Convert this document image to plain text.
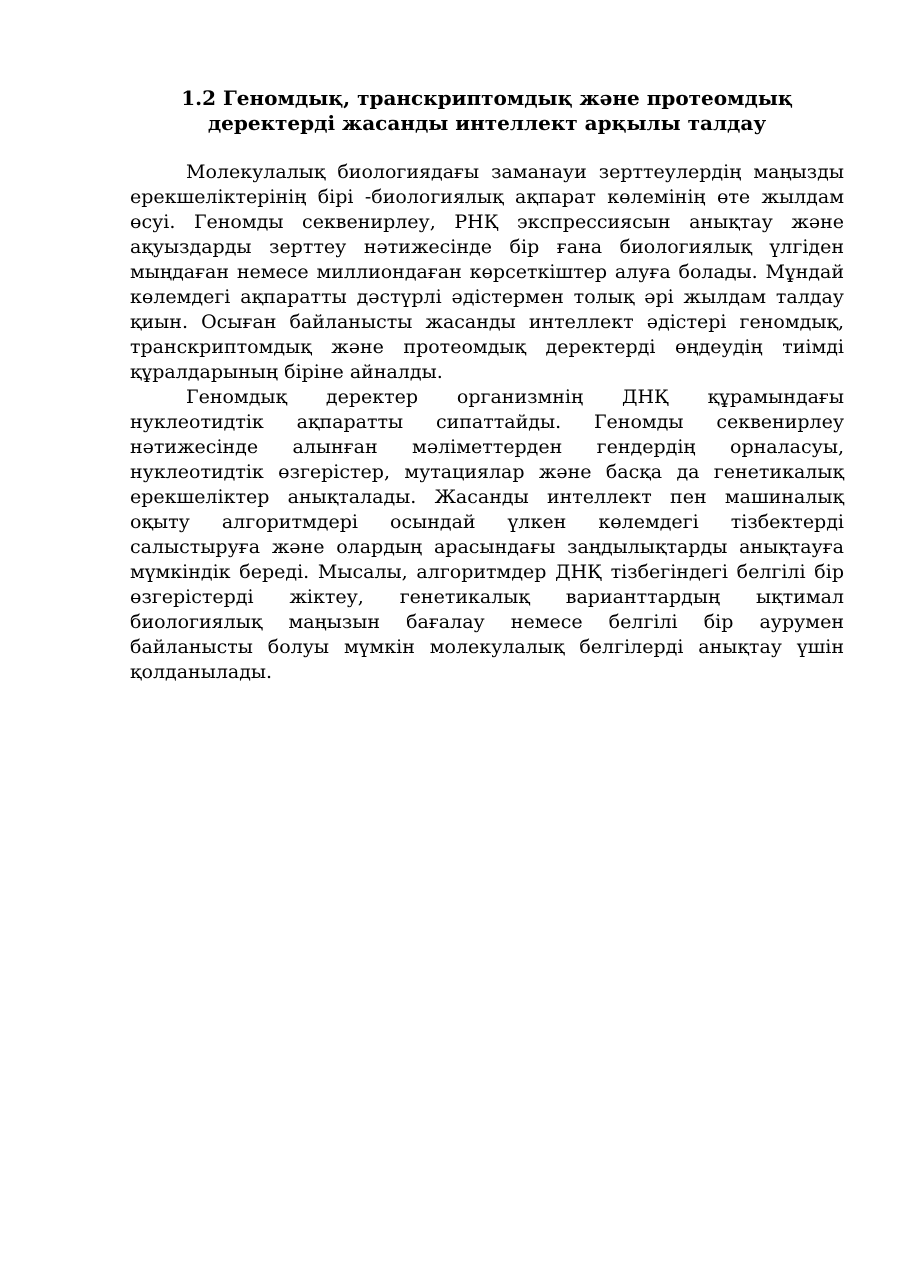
1.2 Геномдық, транскриптомдық және протеомдық деректерді жасанды интеллект арқылы талдау

Молекулалық биологиядағы заманауи зерттеулердің маңызды ерекшеліктерінің бірі -биологиялық ақпарат көлемінің өте жылдам өсуі. Геномды секвенирлеу, РНҚ экспрессиясын анықтау және ақуыздарды зерттеу нәтижесінде бір ғана биологиялық үлгіден мыңдаған немесе миллиондаған көрсеткіштер алуға болады. Мұндай көлемдегі ақпаратты дәстүрлі әдістермен толық әрі жылдам талдау қиын. Осыған байланысты жасанды интеллект әдістері геномдық, транскриптомдық және протеомдық деректерді өңдеудің тиімді құралдарының біріне айналды.

Геномдық деректер организмнің ДНҚ құрамындағы нуклеотидтік ақпаратты сипаттайды. Геномды секвенирлеу нәтижесінде алынған мәліметтерден гендердің орналасуы, нуклеотидтік өзгерістер, мутациялар және басқа да генетикалық ерекшеліктер анықталады. Жасанды интеллект пен машиналық оқыту алгоритмдері осындай үлкен көлемдегі тізбектерді салыстыруға және олардың арасындағы заңдылықтарды анықтауға мүмкіндік береді. Мысалы, алгоритмдер ДНҚ тізбегіндегі белгілі бір өзгерістерді жіктеу, генетикалық варианттардың ықтимал биологиялық маңызын бағалау немесе белгілі бір аурумен байланысты болуы мүмкін молекулалық белгілерді анықтау үшін қолданылады.
